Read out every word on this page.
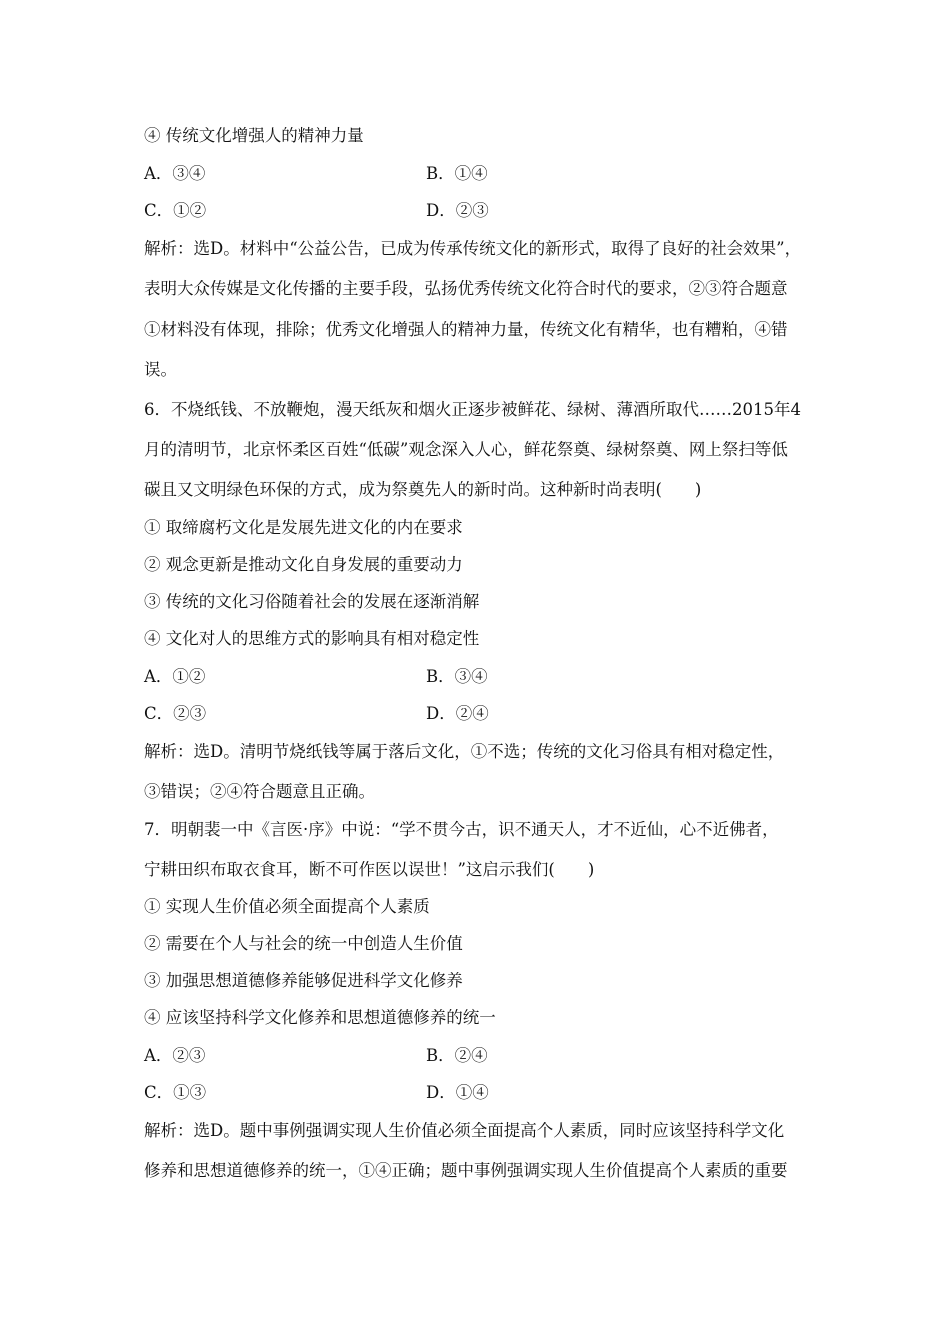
④ 传统文化增强人的精神力量
A．③④	B．①④
C．①②	D．②③
解析：选D。材料中“公益公告，已成为传承传统文化的新形式，取得了良好的社会效果”，
表明大众传媒是文化传播的主要手段，弘扬优秀传统文化符合时代的要求，②③符合题意
①材料没有体现，排除；优秀文化增强人的精神力量，传统文化有精华，也有糟粕，④错
误。
6．不烧纸钱、不放鞭炮，漫天纸灰和烟火正逐步被鲜花、绿树、薄酒所取代……2015年4
月的清明节，北京怀柔区百姓“低碳”观念深入人心，鲜花祭奠、绿树祭奠、网上祭扫等低
碳且又文明绿色环保的方式，成为祭奠先人的新时尚。这种新时尚表明(　　)
① 取缔腐朽文化是发展先进文化的内在要求
② 观念更新是推动文化自身发展的重要动力
③ 传统的文化习俗随着社会的发展在逐渐消解
④ 文化对人的思维方式的影响具有相对稳定性
A．①②	B．③④
C．②③	D．②④
解析：选D。清明节烧纸钱等属于落后文化，①不选；传统的文化习俗具有相对稳定性，
③错误；②④符合题意且正确。
7．明朝裴一中《言医·序》中说：“学不贯今古，识不通天人，才不近仙，心不近佛者，
宁耕田织布取衣食耳，断不可作医以误世！”这启示我们(　　)
① 实现人生价值必须全面提高个人素质
② 需要在个人与社会的统一中创造人生价值
③ 加强思想道德修养能够促进科学文化修养
④ 应该坚持科学文化修养和思想道德修养的统一
A．②③	B．②④
C．①③	D．①④
解析：选D。题中事例强调实现人生价值必须全面提高个人素质，同时应该坚持科学文化
修养和思想道德修养的统一，①④正确；题中事例强调实现人生价值提高个人素质的重要
